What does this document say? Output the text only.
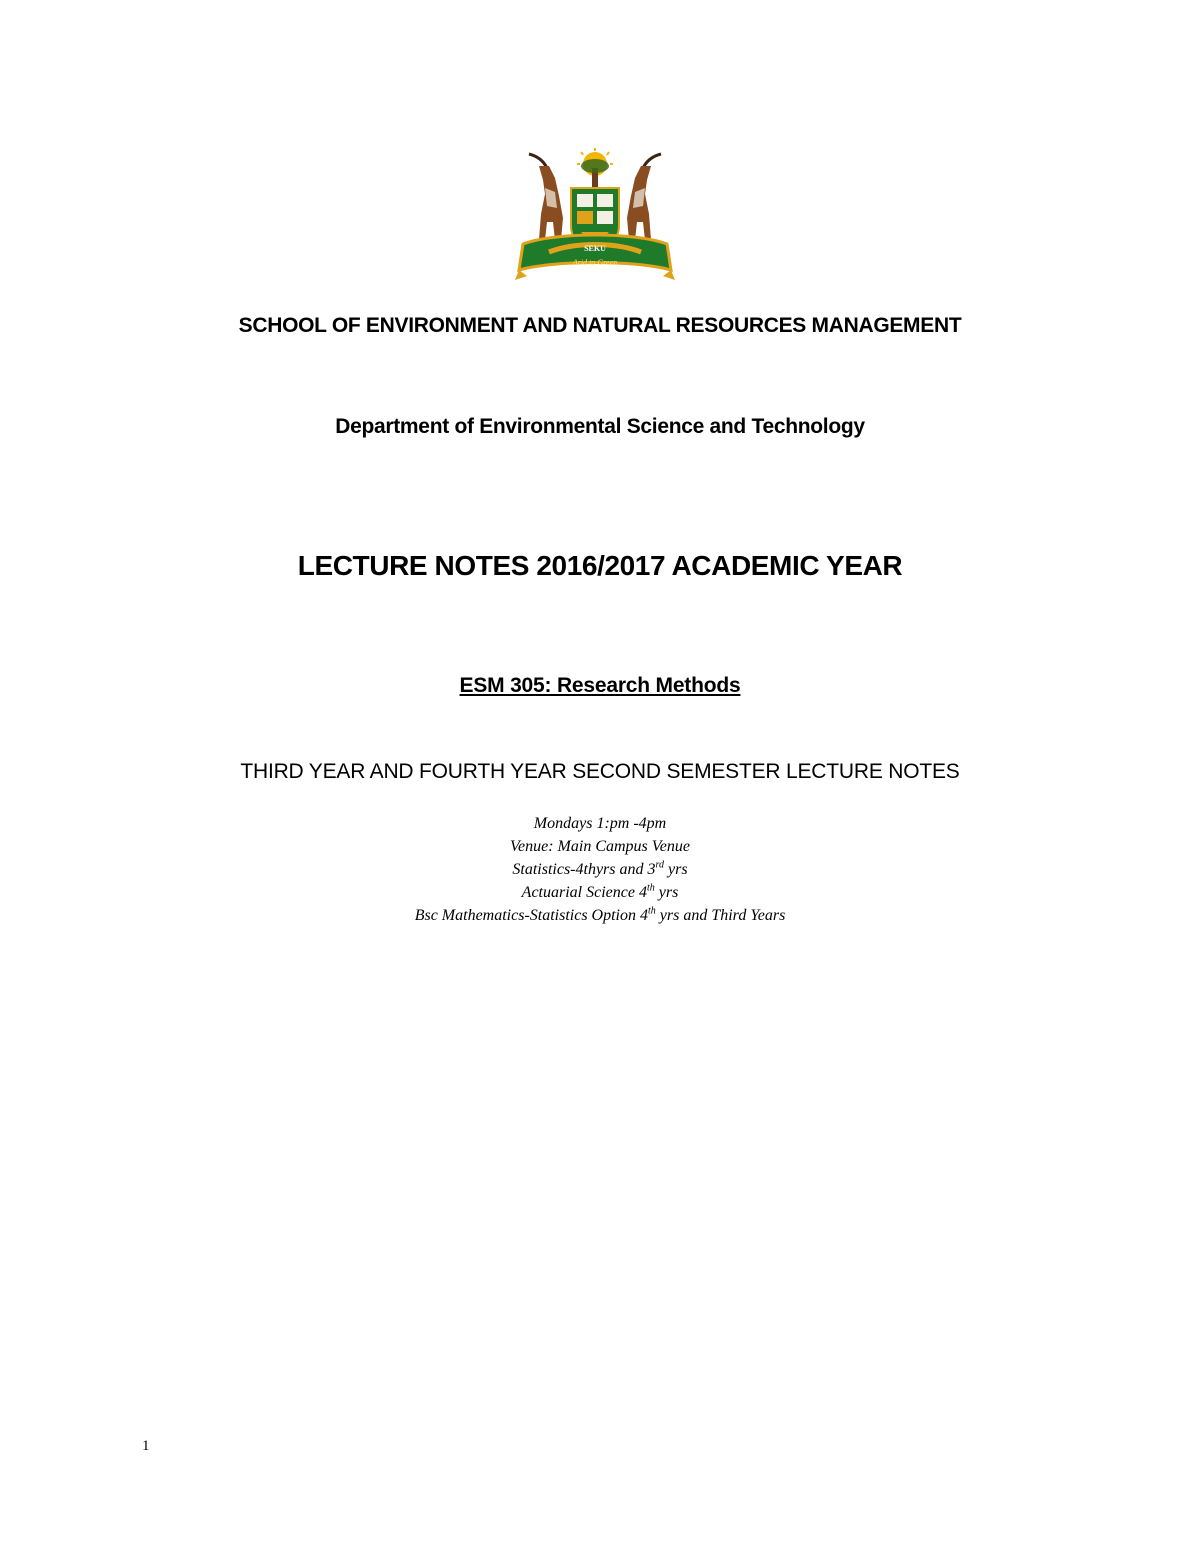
SEKU
Arid to Green
SCHOOL OF ENVIRONMENT AND NATURAL RESOURCES MANAGEMENT
Department of Environmental Science and Technology
LECTURE NOTES 2016/2017 ACADEMIC YEAR
ESM 305: Research Methods
THIRD YEAR AND FOURTH YEAR SECOND SEMESTER LECTURE NOTES
Mondays 1:pm -4pm
Venue: Main Campus Venue
Statistics-4thyrs and 3rd yrs
Actuarial Science 4th yrs
Bsc Mathematics-Statistics Option 4th yrs and Third Years
1
